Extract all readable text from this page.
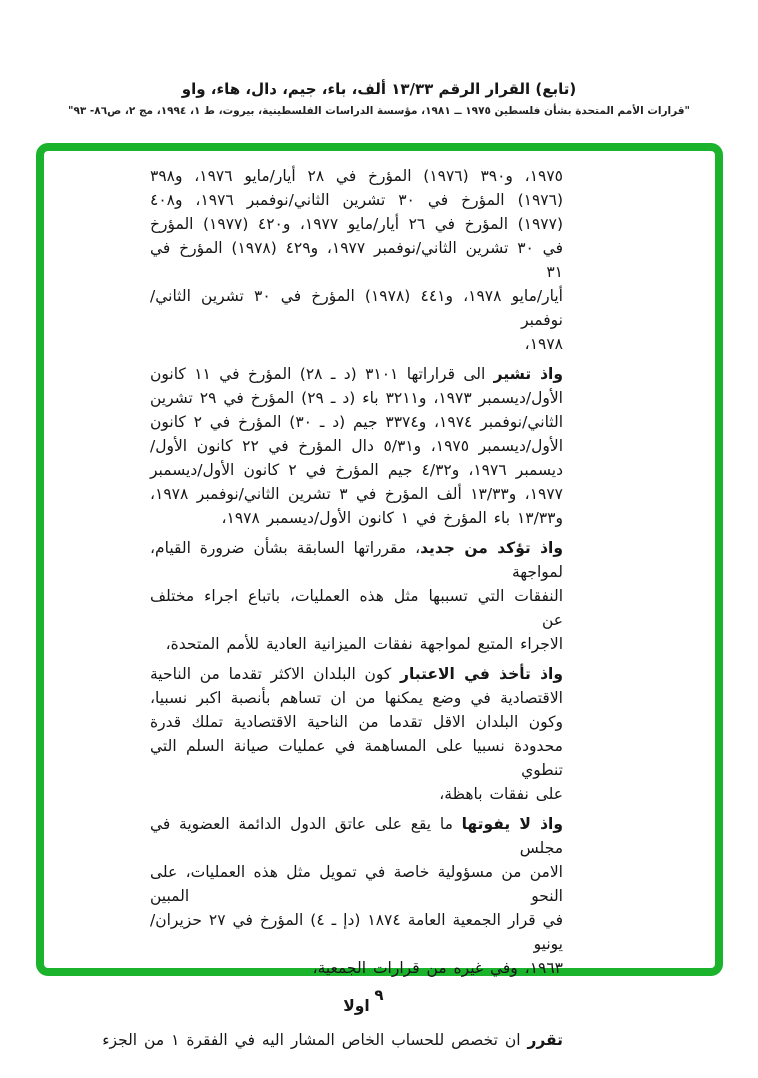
(تابع) القرار الرقم ١٣/٣٣ ألف، باء، جيم، دال، هاء، واو
"قرارات الأمم المتحدة بشأن فلسطين ١٩٧٥ ــ ١٩٨١، مؤسسة الدراسات الفلسطينية، بيروت، ط ١، ١٩٩٤، مج ٢، ص٨٦- ٩٣"
١٩٧٥، و٣٩٠ (١٩٧٦) المؤرخ في ٢٨ أيار/مايو ١٩٧٦، و٣٩٨
(١٩٧٦) المؤرخ في ٣٠ تشرين الثاني/نوفمبر ١٩٧٦، و٤٠٨
(١٩٧٧) المؤرخ في ٢٦ أيار/مايو ١٩٧٧، و٤٢٠ (١٩٧٧) المؤرخ
في ٣٠ تشرين الثاني/نوفمبر ١٩٧٧، و٤٢٩ (١٩٧٨) المؤرخ في ٣١
أيار/مايو ١٩٧٨، و٤٤١ (١٩٧٨) المؤرخ في ٣٠ تشرين الثاني/نوفمبر
١٩٧٨،
واذ تشير الى قراراتها ٣١٠١ (د ـ ٢٨) المؤرخ في ١١ كانون
الأول/ديسمبر ١٩٧٣، و٣٢١١ باء (د ـ ٢٩) المؤرخ في ٢٩ تشرين
الثاني/نوفمبر ١٩٧٤، و٣٣٧٤ جيم (د ـ ٣٠) المؤرخ في ٢ كانون
الأول/ديسمبر ١٩٧٥، و٥/٣١ دال المؤرخ في ٢٢ كانون الأول/
ديسمبر ١٩٧٦، و٤/٣٢ جيم المؤرخ في ٢ كانون الأول/ديسمبر
١٩٧٧، و١٣/٣٣ ألف المؤرخ في ٣ تشرين الثاني/نوفمبر ١٩٧٨،
و١٣/٣٣ باء المؤرخ في ١ كانون الأول/ديسمبر ١٩٧٨،
واذ تؤكد من جديد، مقرراتها السابقة بشأن ضرورة القيام، لمواجهة
النفقات التي تسببها مثل هذه العمليات، باتباع اجراء مختلف عن
الاجراء المتبع لمواجهة نفقات الميزانية العادية للأمم المتحدة،
واذ تأخذ في الاعتبار كون البلدان الاكثر تقدما من الناحية
الاقتصادية في وضع يمكنها من ان تساهم بأنصبة اكبر نسبيا،
وكون البلدان الاقل تقدما من الناحية الاقتصادية تملك قدرة
محدودة نسبيا على المساهمة في عمليات صيانة السلم التي تنطوي
على نفقات باهظة،
واذ لا يفوتها ما يقع على عاتق الدول الدائمة العضوية في مجلس
الامن من مسؤولية خاصة في تمويل مثل هذه العمليات، على النحو المبين
في قرار الجمعية العامة ١٨٧٤ (دإ ـ ٤) المؤرخ في ٢٧ حزيران/يونيو
١٩٦٣، وفي غيره من قرارات الجمعية،
اولا
تقرر ان تخصص للحساب الخاص المشار اليه في الفقرة ١ من الجزء
٩
